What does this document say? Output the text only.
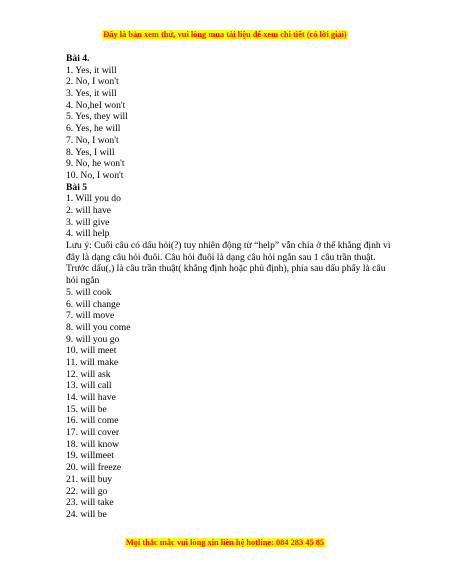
Đây là bản xem thử, vui lòng mua tài liệu để xem chi tiết (có lời giải)
Bài 4.
1. Yes, it will
2. No, I won't
3. Yes, it will
4. No,heI won't
5. Yes, they will
6. Yes, he will
7. No, I won't
8. Yes, I will
9. No, he won't
10. No, I won't
Bài 5
1. Will you do
2. will have
3. will give
4. will help
Lưu ý: Cuối câu có dấu hỏi(?) tuy nhiên động từ “help” vẫn chia ở thể khẳng định vì đây là dạng câu hỏi đuôi. Câu hỏi đuôi là dạng câu hỏi ngắn sau 1 câu trần thuật. Trước dấu(,) là câu trần thuật( khẳng định hoặc phủ định), phía sau dấu phẩy là câu hỏi ngắn
5. will cook
6. will change
7. will move
8. will you come
9. will you go
10. will meet
11. will make
12. will ask
13. will call
14. will have
15. will be
16. will come
17. will cover
18. will know
19. willmeet
20. will freeze
21. will buy
22. will go
23. will take
24. will be
Mọi thắc mắc vui lòng xin liên hệ hotline: 084 283 45 85
